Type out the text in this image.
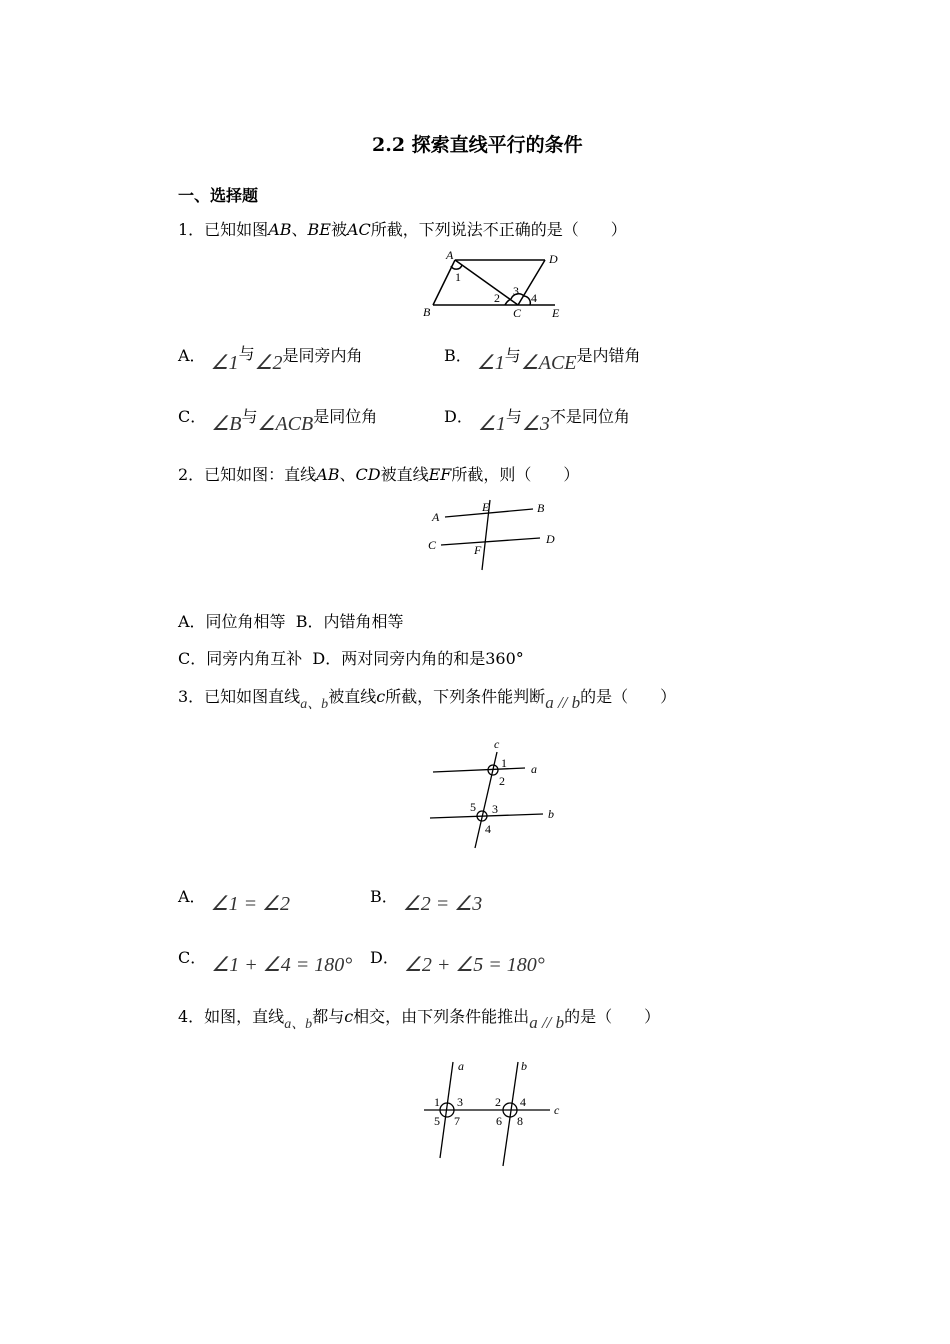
2.2 探索直线平行的条件
一、选择题
1．已知如图AB、BE被AC所截，下列说法不正确的是（　　）
A	D
B	C	E
1
2 3 4
A． ∠1与∠2是同旁内角	B． ∠1与∠ACE是内错角
C． ∠B与∠ACB是同位角	D． ∠1与∠3不是同位角
2．已知如图：直线AB、CD被直线EF所截，则（　　）
A
B
C	D
E
F
A．同位角相等 B．内错角相等
C．同旁内角互补 D．两对同旁内角的和是360°
3．已知如图直线a、b被直线c所截，下列条件能判断a // b的是（　　）
c
a
b
1
2
3
4
5
A． ∠1 = ∠2	B． ∠2 = ∠3
C． ∠1 + ∠4 = 180° D． ∠2 + ∠5 = 180°
4．如图，直线a、b都与c相交，由下列条件能推出a // b的是（　　）
a	b
c
1 3
5 7
2 4
6 8
